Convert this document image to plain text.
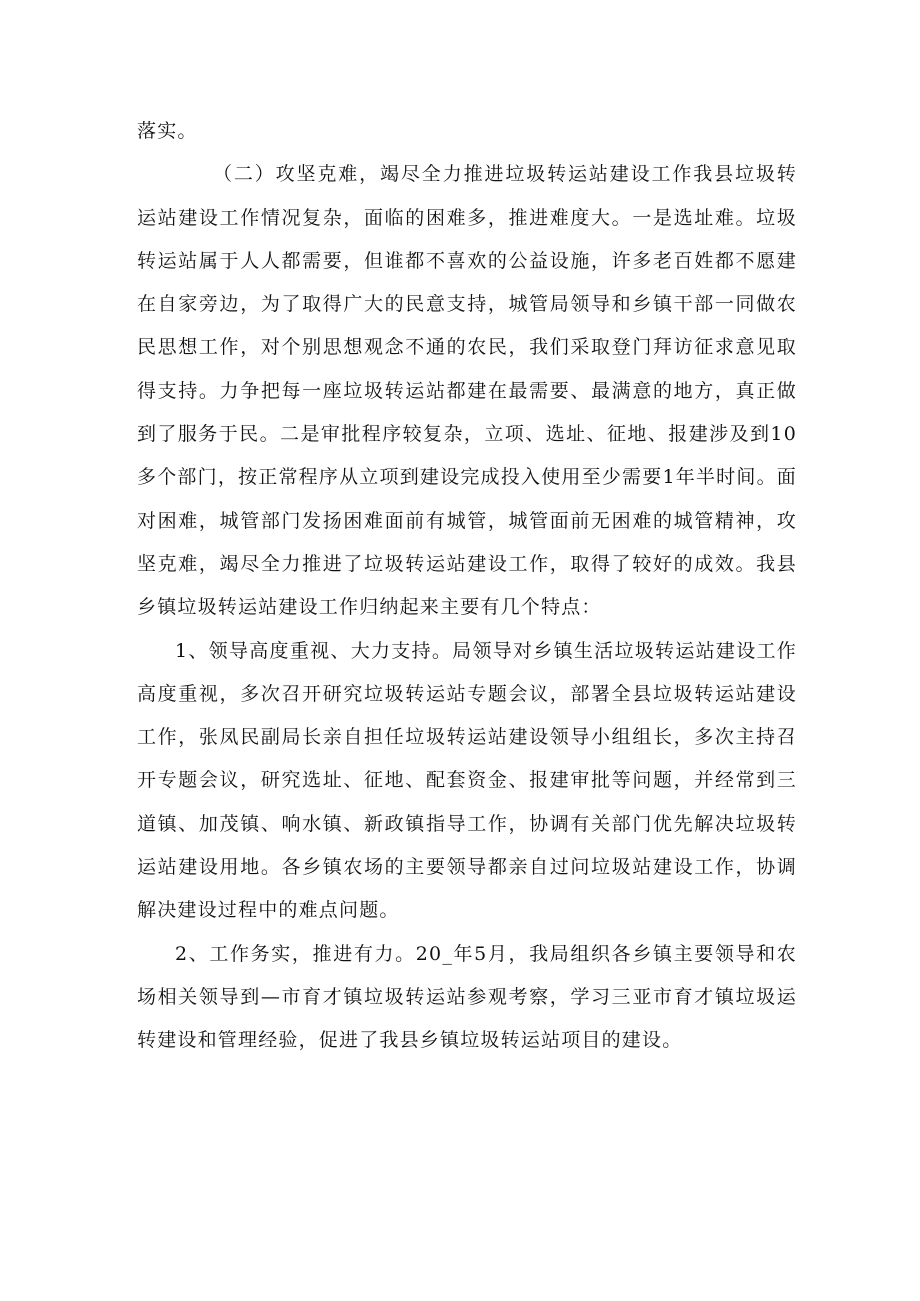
落实。

（二）攻坚克难，竭尽全力推进垃圾转运站建设工作我县垃圾转运站建设工作情况复杂，面临的困难多，推进难度大。一是选址难。垃圾转运站属于人人都需要，但谁都不喜欢的公益设施，许多老百姓都不愿建在自家旁边，为了取得广大的民意支持，城管局领导和乡镇干部一同做农民思想工作，对个别思想观念不通的农民，我们采取登门拜访征求意见取得支持。力争把每一座垃圾转运站都建在最需要、最满意的地方，真正做到了服务于民。二是审批程序较复杂，立项、选址、征地、报建涉及到10多个部门，按正常程序从立项到建设完成投入使用至少需要1年半时间。面对困难，城管部门发扬困难面前有城管，城管面前无困难的城管精神，攻坚克难，竭尽全力推进了垃圾转运站建设工作，取得了较好的成效。我县乡镇垃圾转运站建设工作归纳起来主要有几个特点：

1、领导高度重视、大力支持。局领导对乡镇生活垃圾转运站建设工作高度重视，多次召开研究垃圾转运站专题会议，部署全县垃圾转运站建设工作，张凤民副局长亲自担任垃圾转运站建设领导小组组长，多次主持召开专题会议，研究选址、征地、配套资金、报建审批等问题，并经常到三道镇、加茂镇、响水镇、新政镇指导工作，协调有关部门优先解决垃圾转运站建设用地。各乡镇农场的主要领导都亲自过问垃圾站建设工作，协调解决建设过程中的难点问题。

2、工作务实，推进有力。20_年5月，我局组织各乡镇主要领导和农场相关领导到—市育才镇垃圾转运站参观考察，学习三亚市育才镇垃圾运转建设和管理经验，促进了我县乡镇垃圾转运站项目的建设。
